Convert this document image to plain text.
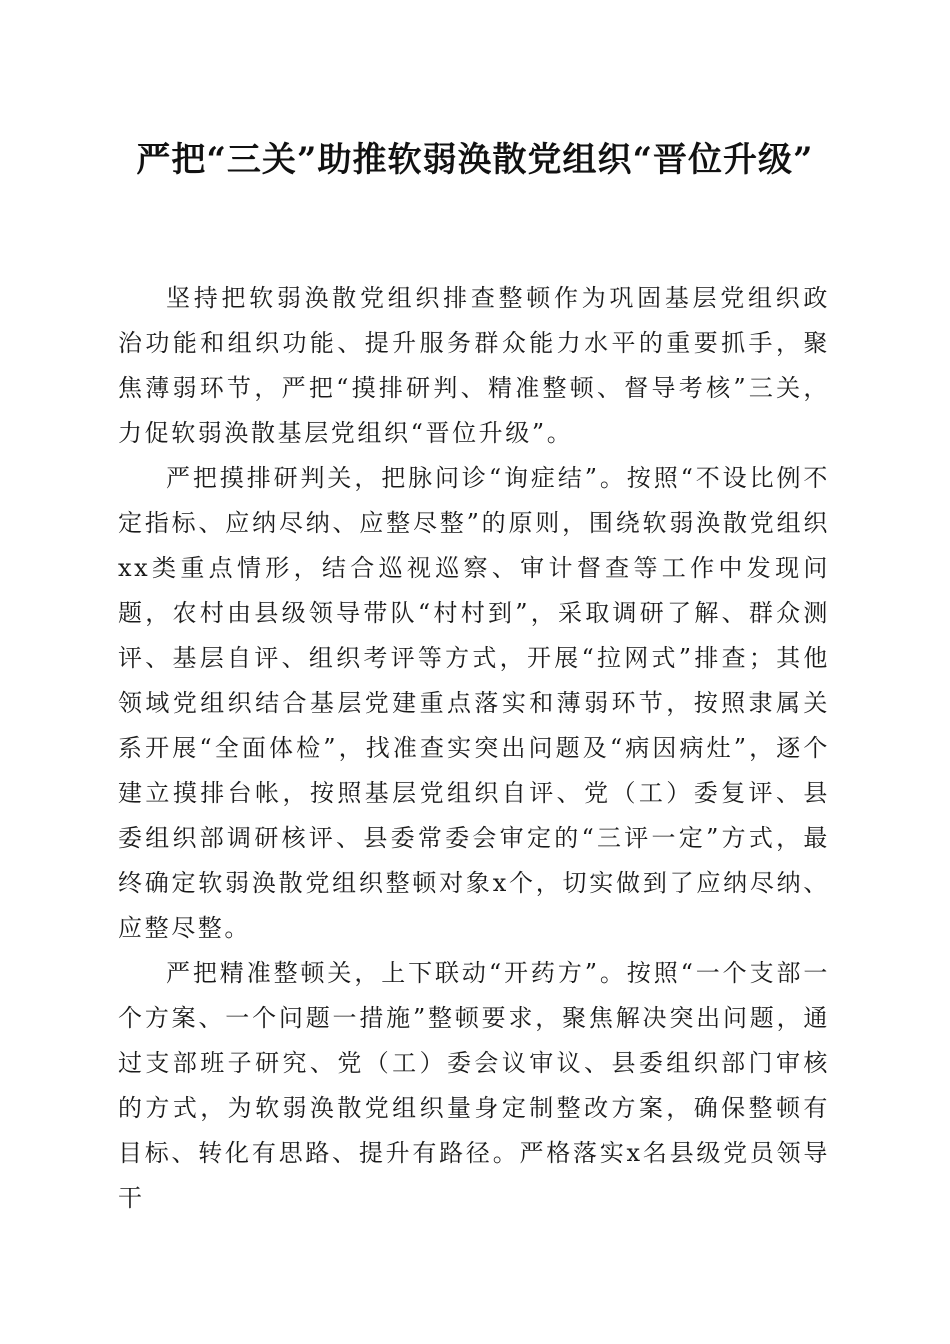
严把“三关”助推软弱涣散党组织“晋位升级”

坚持把软弱涣散党组织排查整顿作为巩固基层党组织政治功能和组织功能、提升服务群众能力水平的重要抓手，聚焦薄弱环节，严把“摸排研判、精准整顿、督导考核”三关，力促软弱涣散基层党组织“晋位升级”。

严把摸排研判关，把脉问诊“询症结”。按照“不设比例不定指标、应纳尽纳、应整尽整”的原则，围绕软弱涣散党组织xx类重点情形，结合巡视巡察、审计督查等工作中发现问题，农村由县级领导带队“村村到”，采取调研了解、群众测评、基层自评、组织考评等方式，开展“拉网式”排查；其他领域党组织结合基层党建重点落实和薄弱环节，按照隶属关系开展“全面体检”，找准查实突出问题及“病因病灶”，逐个建立摸排台帐，按照基层党组织自评、党（工）委复评、县委组织部调研核评、县委常委会审定的“三评一定”方式，最终确定软弱涣散党组织整顿对象x个，切实做到了应纳尽纳、应整尽整。

严把精准整顿关，上下联动“开药方”。按照“一个支部一个方案、一个问题一措施”整顿要求，聚焦解决突出问题，通过支部班子研究、党（工）委会议审议、县委组织部门审核的方式，为软弱涣散党组织量身定制整改方案，确保整顿有目标、转化有思路、提升有路径。严格落实x名县级党员领导干
